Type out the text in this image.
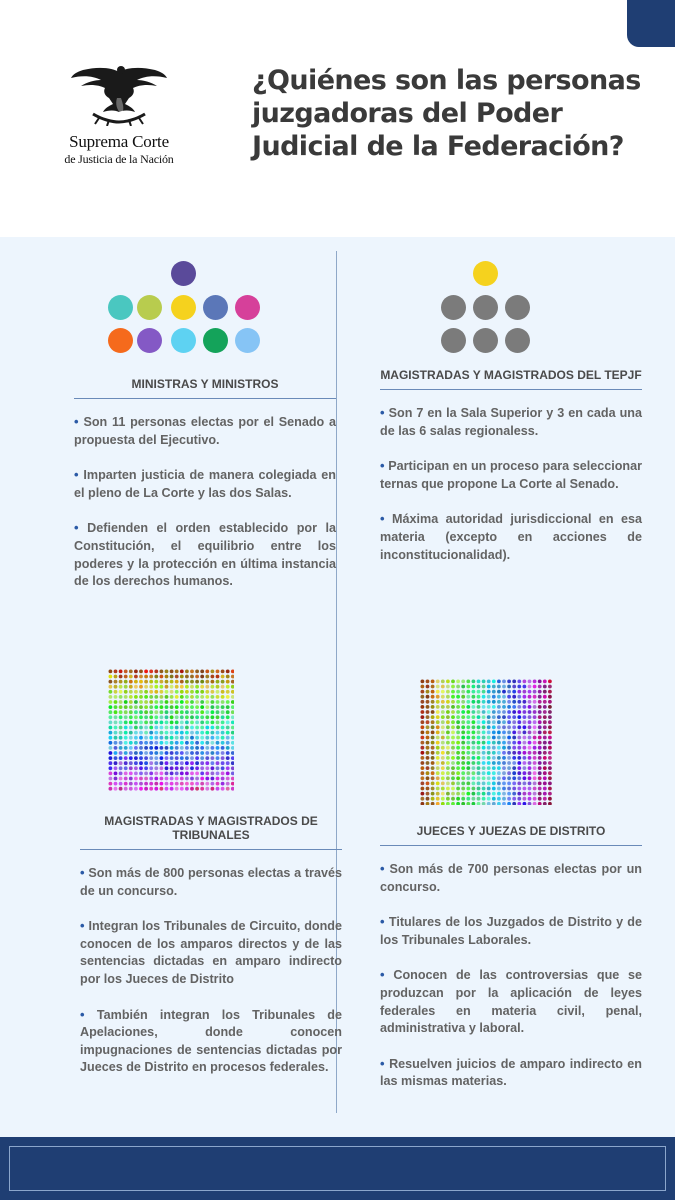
Suprema Corte
de Justicia de la Nación
¿Quiénes son las personas juzgadoras del Poder Judicial de la Federación?
MINISTRAS Y MINISTROS

• Son 11 personas electas por el Senado a propuesta del Ejecutivo.

• Imparten justicia de manera colegiada en el pleno de La Corte y las dos Salas.

• Defienden el orden establecido por la Constitución, el equilibrio entre los poderes y la protección en última instancia de los derechos humanos.

MAGISTRADAS Y MAGISTRADOS DEL TEPJF

• Son 7 en la Sala Superior y 3 en cada una de las 6 salas regionaless.

• Participan en un proceso para seleccionar ternas que propone La Corte al Senado.

• Máxima autoridad jurisdiccional en esa materia (excepto en acciones de inconstitucionalidad).

MAGISTRADAS Y MAGISTRADOS DE TRIBUNALES

• Son más de 800 personas electas a través de un concurso.

• Integran los Tribunales de Circuito, donde conocen de los amparos directos y de las sentencias dictadas en amparo indirecto por los Jueces de Distrito

• También integran los Tribunales de Apelaciones, donde conocen impugnaciones de sentencias dictadas por Jueces de Distrito en procesos federales.

JUECES Y JUEZAS DE DISTRITO

• Son más de 700 personas electas por un concurso.

• Titulares de los Juzgados de Distrito y de los Tribunales Laborales.

• Conocen de las controversias que se produzcan por la aplicación de leyes federales en materia civil, penal, administrativa y laboral.

• Resuelven juicios de amparo indirecto en las mismas materias.
